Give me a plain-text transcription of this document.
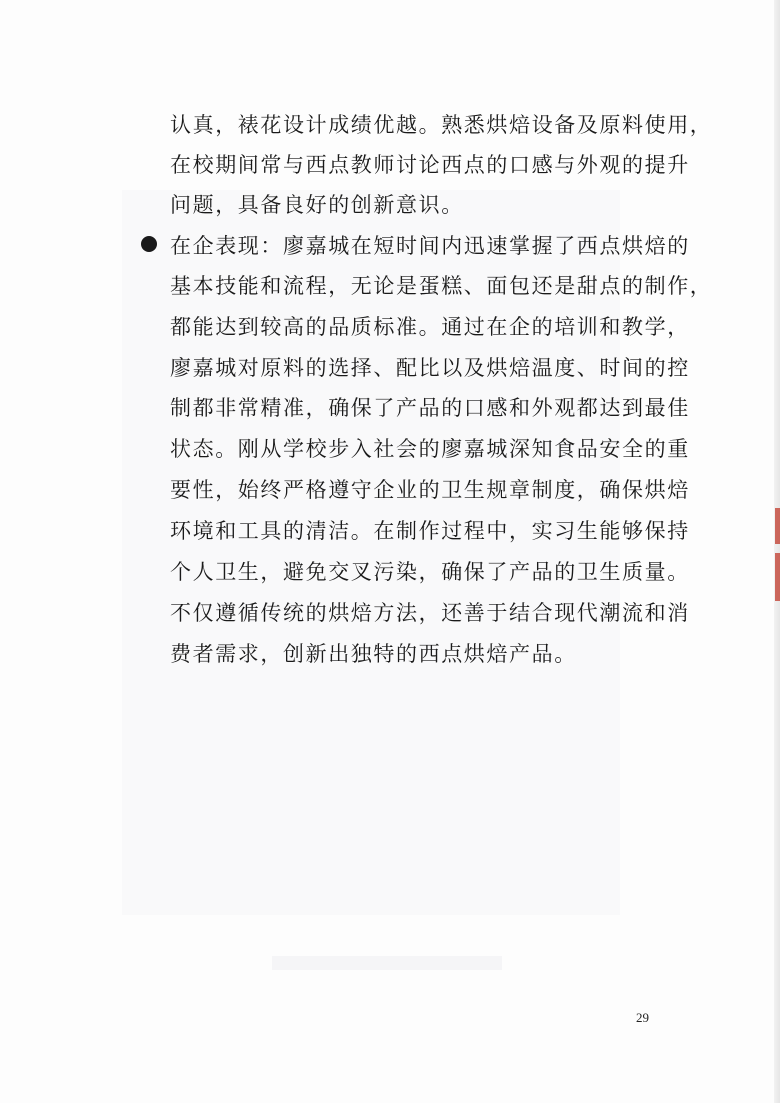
认真，裱花设计成绩优越。熟悉烘焙设备及原料使用，
在校期间常与西点教师讨论西点的口感与外观的提升
问题，具备良好的创新意识。
在企表现：廖嘉城在短时间内迅速掌握了西点烘焙的
基本技能和流程，无论是蛋糕、面包还是甜点的制作，
都能达到较高的品质标准。通过在企的培训和教学，
廖嘉城对原料的选择、配比以及烘焙温度、时间的控
制都非常精准，确保了产品的口感和外观都达到最佳
状态。刚从学校步入社会的廖嘉城深知食品安全的重
要性，始终严格遵守企业的卫生规章制度，确保烘焙
环境和工具的清洁。在制作过程中，实习生能够保持
个人卫生，避免交叉污染，确保了产品的卫生质量。
不仅遵循传统的烘焙方法，还善于结合现代潮流和消
费者需求，创新出独特的西点烘焙产品。
29
